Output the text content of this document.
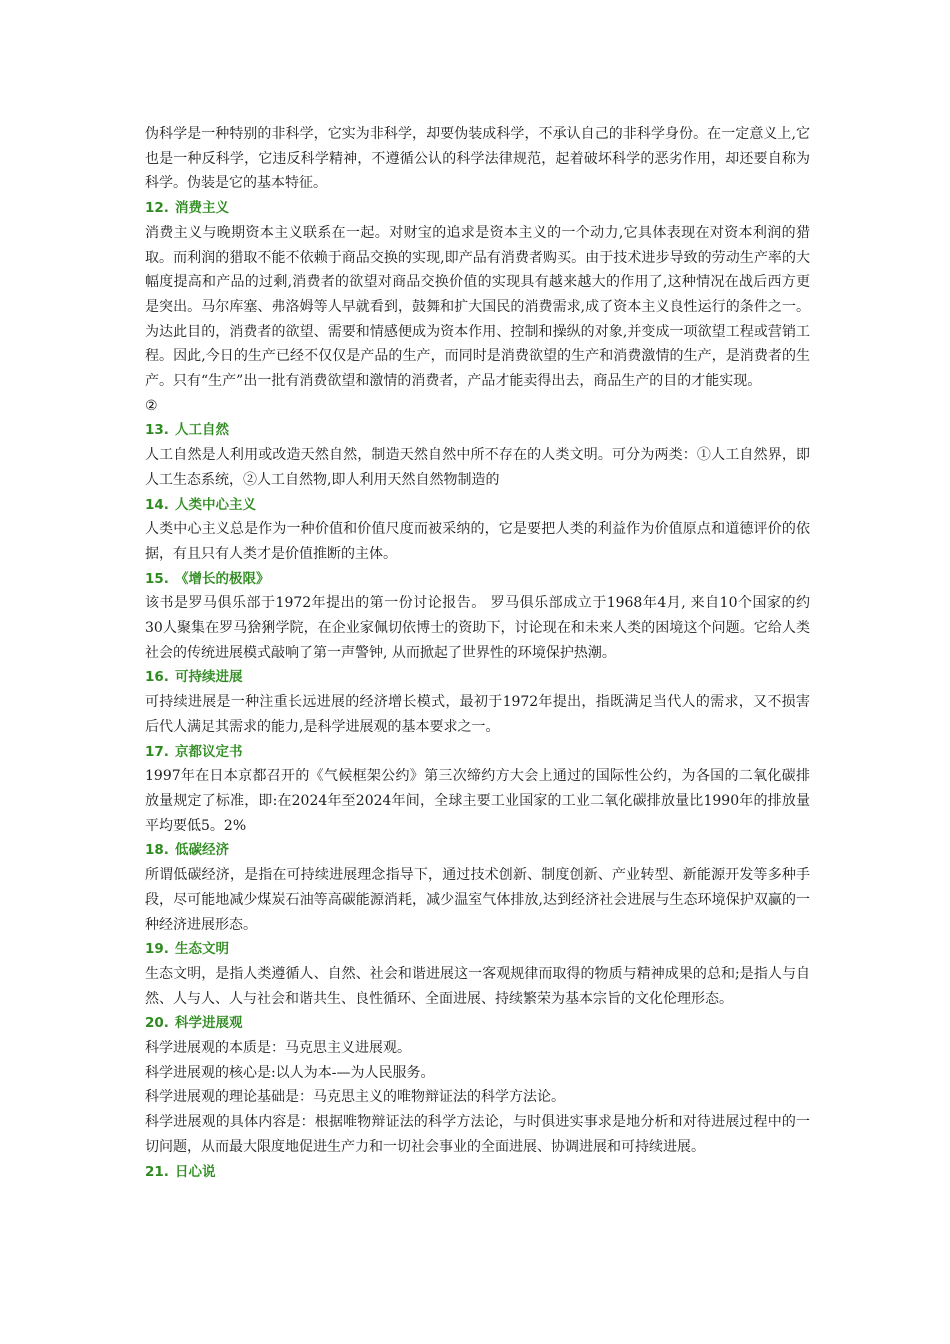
伪科学是一种特别的非科学，它实为非科学，却要伪装成科学，不承认自己的非科学身份。在一定意义上,它也是一种反科学，它违反科学精神，不遵循公认的科学法律规范，起着破坏科学的恶劣作用，却还要自称为科学。伪装是它的基本特征。

12. 消费主义

消费主义与晚期资本主义联系在一起。对财宝的追求是资本主义的一个动力,它具体表现在对资本利润的猎取。而利润的猎取不能不依赖于商品交换的实现,即产品有消费者购买。由于技术进步导致的劳动生产率的大幅度提高和产品的过剩,消费者的欲望对商品交换价值的实现具有越来越大的作用了,这种情况在战后西方更是突出。马尔库塞、弗洛姆等人早就看到，鼓舞和扩大国民的消费需求,成了资本主义良性运行的条件之一。为达此目的，消费者的欲望、需要和情感便成为资本作用、控制和操纵的对象,并变成一项欲望工程或营销工程。因此,今日的生产已经不仅仅是产品的生产，而同时是消费欲望的生产和消费激情的生产，是消费者的生产。只有“生产”出一批有消费欲望和激情的消费者，产品才能卖得出去，商品生产的目的才能实现。

②

13. 人工自然

人工自然是人利用或改造天然自然，制造天然自然中所不存在的人类文明。可分为两类：①人工自然界，即人工生态系统，②人工自然物,即人利用天然自然物制造的

14. 人类中心主义

人类中心主义总是作为一种价值和价值尺度而被采纳的，它是要把人类的利益作为价值原点和道德评价的依据，有且只有人类才是价值推断的主体。

15. 《增长的极限》

该书是罗马俱乐部于1972年提出的第一份讨论报告。 罗马俱乐部成立于1968年4月, 来自10个国家的约 30人聚集在罗马猞猁学院，在企业家佩切依博士的资助下，讨论现在和未来人类的困境这个问题。它给人类社会的传统进展模式敲响了第一声警钟, 从而掀起了世界性的环境保护热潮。

16. 可持续进展

可持续进展是一种注重长远进展的经济增长模式，最初于1972年提出，指既满足当代人的需求，又不损害后代人满足其需求的能力,是科学进展观的基本要求之一。

17. 京都议定书

1997年在日本京都召开的《气候框架公约》第三次缔约方大会上通过的国际性公约，为各国的二氧化碳排放量规定了标准，即:在2024年至2024年间，全球主要工业国家的工业二氧化碳排放量比1990年的排放量平均要低5。2%

18. 低碳经济

所谓低碳经济，是指在可持续进展理念指导下，通过技术创新、制度创新、产业转型、新能源开发等多种手段，尽可能地减少煤炭石油等高碳能源消耗，减少温室气体排放,达到经济社会进展与生态环境保护双赢的一种经济进展形态。

19. 生态文明

生态文明，是指人类遵循人、自然、社会和谐进展这一客观规律而取得的物质与精神成果的总和;是指人与自然、人与人、人与社会和谐共生、良性循环、全面进展、持续繁荣为基本宗旨的文化伦理形态。

20. 科学进展观

科学进展观的本质是：马克思主义进展观。

科学进展观的核心是:以人为本-—为人民服务。

科学进展观的理论基础是：马克思主义的唯物辩证法的科学方法论。

科学进展观的具体内容是：根据唯物辩证法的科学方法论，与时俱进实事求是地分析和对待进展过程中的一切问题，从而最大限度地促进生产力和一切社会事业的全面进展、协调进展和可持续进展。

21. 日心说
